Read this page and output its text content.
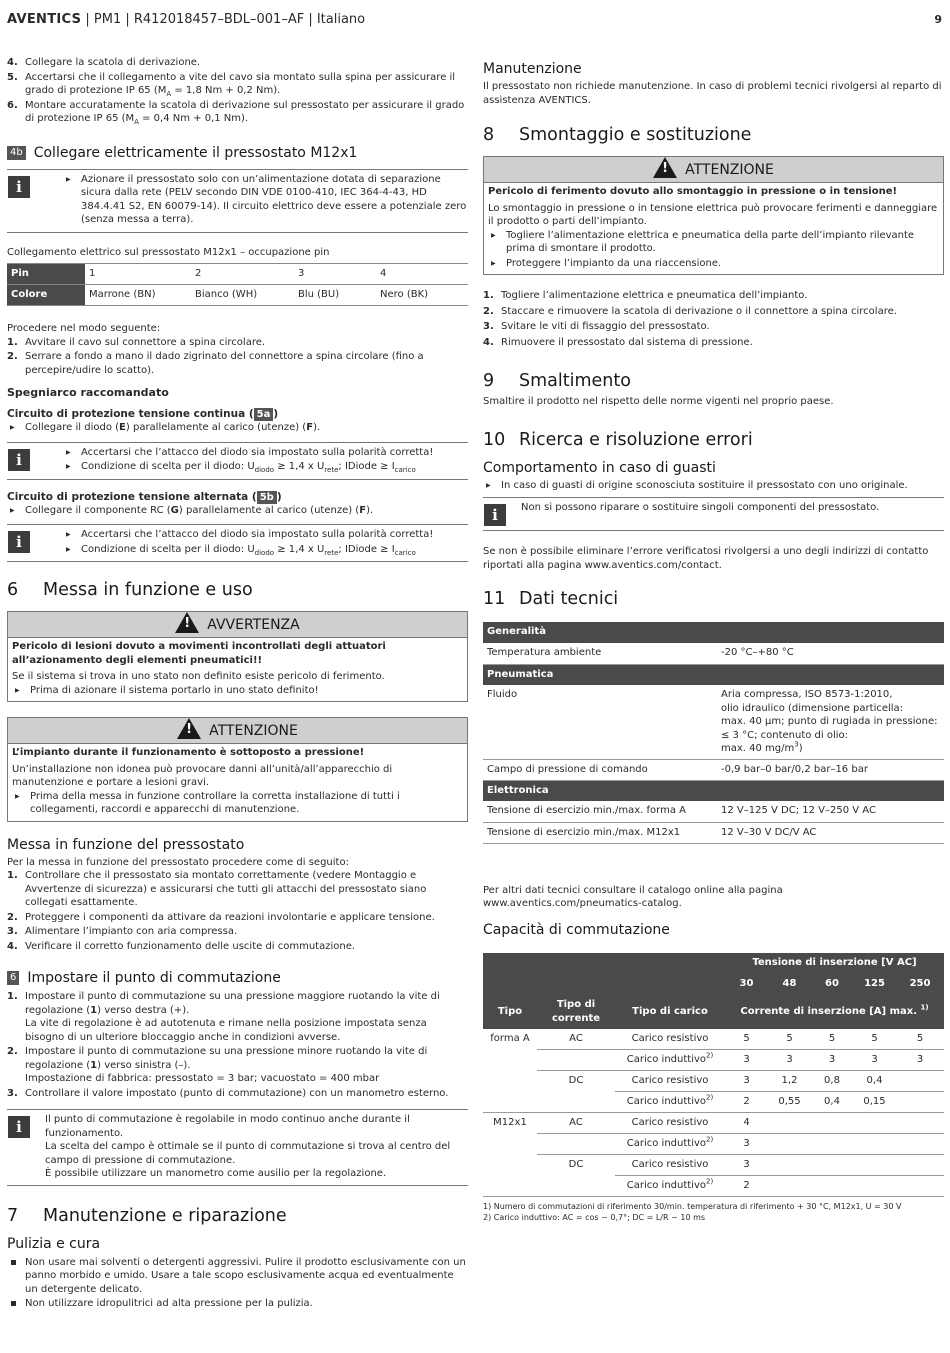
AVENTICS | PM1 | R412018457–BDL–001–AF | Italiano	9
4. Collegare la scatola di derivazione.
5. Accertarsi che il collegamento a vite del cavo sia montato sulla spina per assicurare il grado di protezione IP 65 ($M_A = 1,8$ Nm + 0,2 Nm).
6. Montare accuratamente la scatola di derivazione sul pressostato per assicurare il grado di protezione IP 65 ($M_A = 0,4$ Nm + 0,1 Nm).
4b Collegare elettricamente il pressostato M12x1
i	▶ Azionare il pressostato solo con un’alimentazione dotata di separazione sicura dalla rete (PELV secondo DIN VDE 0100-410, IEC 364-4-43, HD 384.4.41 S2, EN 60079-14). Il circuito elettrico deve essere a potenziale zero (senza messa a terra).

Collegamento elettrico sul pressostato M12x1 – occupazione pin

Pin	1	2	3	4
Colore	Marrone (BN)	Bianco (WH)	Blu (BU)	Nero (BK)

Procedere nel modo seguente:

1. Avvitare il cavo sul connettore a spina circolare.
2. Serrare a fondo a mano il dado zigrinato del connettore a spina circolare (fino a percepire/udire lo scatto).
Spegniarco raccomandato
Circuito di protezione tensione continua ( 5a )
▶ Collegare il diodo (E) parallelamente al carico (utenze) (F).
i	▶ Accertarsi che l’attacco del diodo sia impostato sulla polarità corretta!
▶ Condizione di scelta per il diodo: $U_{diodo} \ge 1,4$ x $U_{rete}$; IDiode ≥ $I_{carico}$
Circuito di protezione tensione alternata ( 5b )
▶ Collegare il componente RC (G) parallelamente al carico (utenze) (F).
i	▶ Accertarsi che l’attacco del diodo sia impostato sulla polarità corretta!
▶ Condizione di scelta per il diodo: $U_{diodo} \ge 1,4$ x $U_{rete}$; IDiode ≥ $I_{carico}$
6 Messa in funzione e uso
!AVVERTENZA

Pericolo di lesioni dovuto a movimenti incontrollati degli attuatori all’azionamento degli elementi pneumatici!!

Se il sistema si trova in uno stato non definito esiste pericolo di ferimento.

▶ Prima di azionare il sistema portarlo in uno stato definito!
!ATTENZIONE

L’impianto durante il funzionamento è sottoposto a pressione!

Un’installazione non idonea può provocare danni all’unità/all’apparecchio di manutenzione e portare a lesioni gravi.

▶ Prima della messa in funzione controllare la corretta installazione di tutti i collegamenti, raccordi e apparecchi di manutenzione.
Messa in funzione del pressostato

Per la messa in funzione del pressostato procedere come di seguito:

1. Controllare che il pressostato sia montato correttamente (vedere Montaggio e Avvertenze di sicurezza) e assicurarsi che tutti gli attacchi del pressostato siano collegati esattamente.
2. Proteggere i componenti da attivare da reazioni involontarie e applicare tensione.
3. Alimentare l’impianto con aria compressa.
4. Verificare il corretto funzionamento delle uscite di commutazione.
6 Impostare il punto di commutazione
1. Impostare il punto di commutazione su una pressione maggiore ruotando la vite di regolazione (1) verso destra (+).
La vite di regolazione è ad autotenuta e rimane nella posizione impostata senza bisogno di un ulteriore bloccaggio anche in condizioni avverse.
2. Impostare il punto di commutazione su una pressione minore ruotando la vite di regolazione (1) verso sinistra (–).
Impostazione di fabbrica: pressostato = 3 bar; vacuostato = 400 mbar
3. Controllare il valore impostato (punto di commutazione) con un manometro esterno.
i	Il punto di commutazione è regolabile in modo continuo anche durante il funzionamento.

La scelta del campo è ottimale se il punto di commutazione si trova al centro del campo di pressione di commutazione.

È possibile utilizzare un manometro come ausilio per la regolazione.

7 Manutenzione e riparazione
Pulizia e cura
Non usare mai solventi o detergenti aggressivi. Pulire il prodotto esclusivamente con un panno morbido e umido. Usare a tale scopo esclusivamente acqua ed eventualmente un detergente delicato.
Non utilizzare idropulitrici ad alta pressione per la pulizia.
Manutenzione

Il pressostato non richiede manutenzione. In caso di problemi tecnici rivolgersi al reparto di assistenza AVENTICS.

8 Smontaggio e sostituzione
!ATTENZIONE

Pericolo di ferimento dovuto allo smontaggio in pressione o in tensione!

Lo smontaggio in pressione o in tensione elettrica può provocare ferimenti e danneggiare il prodotto o parti dell’impianto.

▶ Togliere l’alimentazione elettrica e pneumatica della parte dell’impianto rilevante prima di smontare il prodotto.
▶ Proteggere l’impianto da una riaccensione.
1. Togliere l’alimentazione elettrica e pneumatica dell’impianto.
2. Staccare e rimuovere la scatola di derivazione o il connettore a spina circolare.
3. Svitare le viti di fissaggio del pressostato.
4. Rimuovere il pressostato dal sistema di pressione.
9 Smaltimento

Smaltire il prodotto nel rispetto delle norme vigenti nel proprio paese.

10 Ricerca e risoluzione errori
Comportamento in caso di guasti
▶ In caso di guasti di origine sconosciuta sostituire il pressostato con uno originale.
i	Non si possono riparare o sostituire singoli componenti del pressostato.

Se non è possibile eliminare l’errore verificatosi rivolgersi a uno degli indirizzi di contatto riportati alla pagina www.aventics.com/contact.

11 Dati tecnici
Generalità	
Temperatura ambiente	-20 °C–+80 °C
Pneumatica	
Fluido	Aria compressa, ISO 8573-1:2010,
olio idraulico (dimensione particella:
max. 40 µm; punto di rugiada in pressione:
≤ 3 °C; contenuto di olio:
max. 40 $mg/m^3$)
Campo di pressione di comando	-0,9 bar–0 bar/0,2 bar–16 bar
Elettronica	
Tensione di esercizio min./max. forma A	12 V–125 V DC; 12 V–250 V AC
Tensione di esercizio min./max. M12x1	12 V–30 V DC/V AC

Per altri dati tecnici consultare il catalogo online alla pagina www.aventics.com/pneumatics-catalog.

Capacità di commutazione
			Tensione di inserzione [V AC]				
			30	48	60	125	250
Tipo	Tipo di corrente	Tipo di carico	Corrente di inserzione [A] max. $^{1)}$
forma A	AC	Carico resistivo	5	5	5	5	5
		Carico induttivo$^{2)}$	3	3	3	3	3
	DC	Carico resistivo	3	1,2	0,8	0,4	
		Carico induttivo$^{2)}$	2	0,55	0,4	0,15	
M12x1	AC	Carico resistivo	4				
		Carico induttivo$^{2)}$	3				
	DC	Carico resistivo	3				
		Carico induttivo$^{2)}$	2				

1) Numero di commutazioni di riferimento 30/min. temperatura di riferimento + 30 °C, M12x1, U = 30 V

2) Carico induttivo: AC = cos ~ 0,7°; DC = L/R ~ 10 ms
